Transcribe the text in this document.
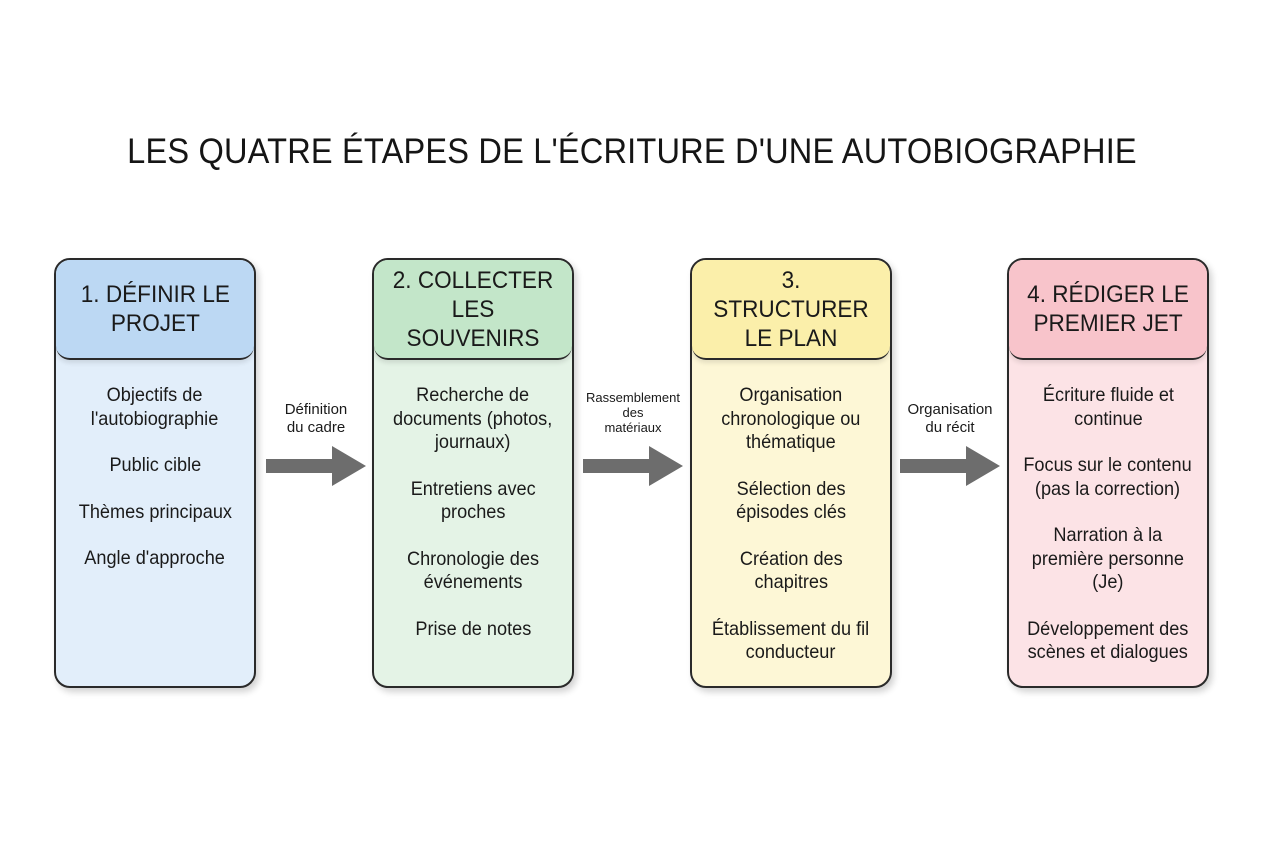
LES QUATRE ÉTAPES DE L'ÉCRITURE D'UNE AUTOBIOGRAPHIE
1. DÉFINIR LE
PROJET
Objectifs de
l'autobiographie
Public cible
Thèmes principaux
Angle d'approche
2. COLLECTER
LES SOUVENIRS
Recherche de
documents (photos,
journaux)
Entretiens avec
proches
Chronologie des
événements
Prise de notes
3. STRUCTURER
LE PLAN
Organisation
chronologique ou
thématique
Sélection des
épisodes clés
Création des
chapitres
Établissement du fil
conducteur
4. RÉDIGER LE
PREMIER JET
Écriture fluide et
continue
Focus sur le contenu
(pas la correction)
Narration à la
première personne
(Je)
Développement des
scènes et dialogues
Définition
du cadre
Rassemblement
des
matériaux
Organisation
du récit
